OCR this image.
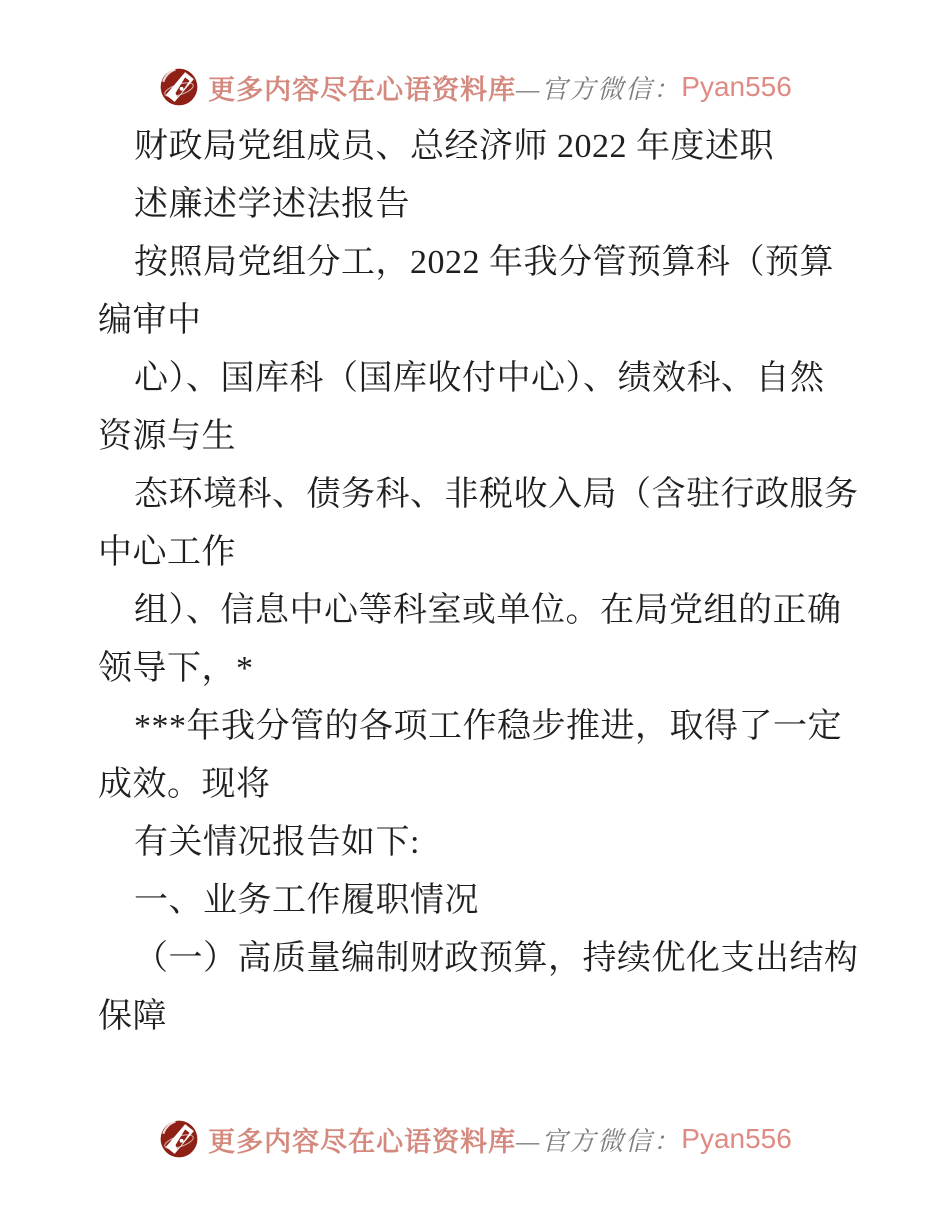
更多内容尽在心语资料库 —官方微信： Pyan556
财政局党组成员、总经济师 2022 年度述职
述廉述学述法报告
按照局党组分工，2022 年我分管预算科（预算
编审中
心）、国库科（国库收付中心）、绩效科、自然
资源与生
态环境科、债务科、非税收入局（含驻行政服务
中心工作
组）、信息中心等科室或单位。在局党组的正确
领导下，*
***年我分管的各项工作稳步推进，取得了一定
成效。现将
有关情况报告如下:
一、业务工作履职情况
（一）高质量编制财政预算，持续优化支出结构
保障
更多内容尽在心语资料库 —官方微信： Pyan556
